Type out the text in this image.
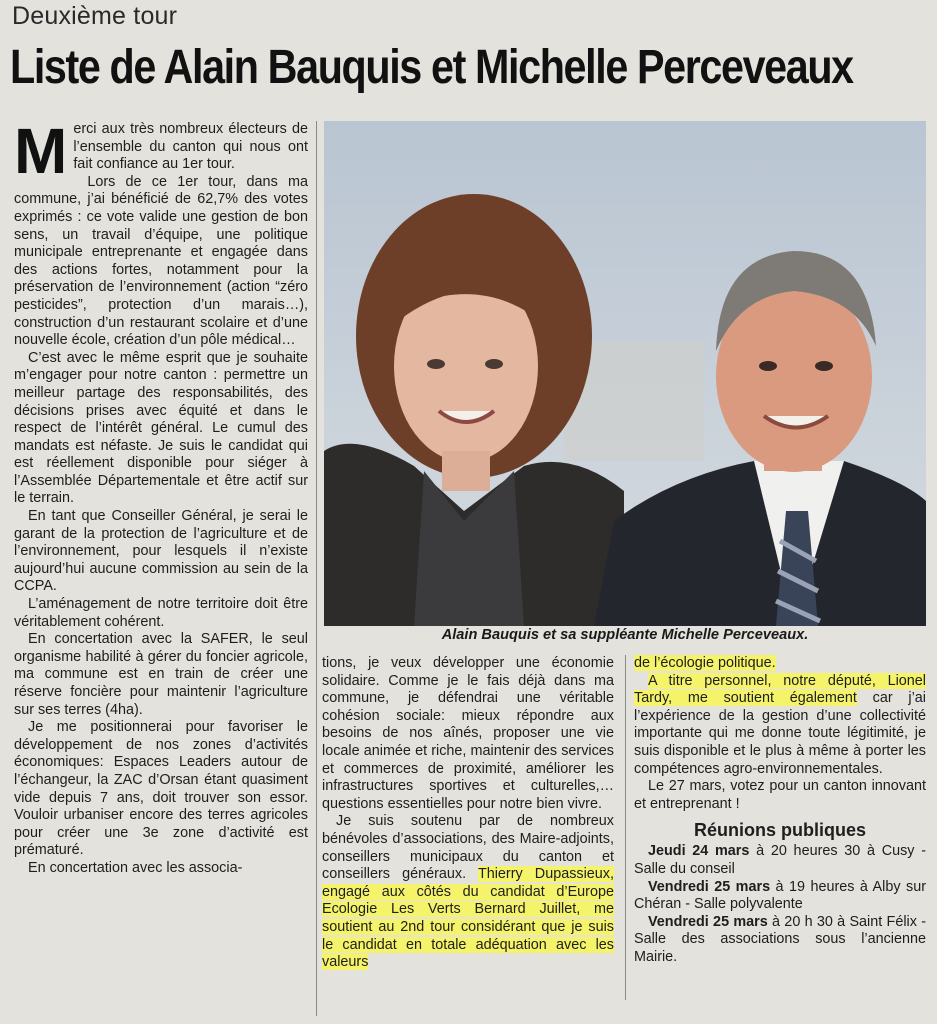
Deuxième tour
Liste de Alain Bauquis et Michelle Perceveaux

Merci aux très nombreux électeurs de l’ensemble du canton qui nous ont fait confiance au 1er tour.

Lors de ce 1er tour, dans ma commune, j’ai bénéficié de 62,7% des votes exprimés : ce vote valide une gestion de bon sens, un travail d’équipe, une politique municipale entreprenante et engagée dans des actions fortes, notamment pour la préservation de l’environnement (action “zéro pesticides”, protection d’un marais…), construction d’un restaurant scolaire et d’une nouvelle école, création d’un pôle médical…

C’est avec le même esprit que je souhaite m’engager pour notre canton : permettre un meilleur partage des responsabilités, des décisions prises avec équité et dans le respect de l’intérêt général. Le cumul des mandats est néfaste. Je suis le candidat qui est réellement disponible pour siéger à l’Assemblée Départementale et être actif sur le terrain.

En tant que Conseiller Général, je serai le garant de la protection de l’agriculture et de l’environnement, pour lesquels il n’existe aujourd’hui aucune commission au sein de la CCPA.

L’aménagement de notre territoire doit être véritablement cohérent.

En concertation avec la SAFER, le seul organisme habilité à gérer du foncier agricole, ma commune est en train de créer une réserve foncière pour maintenir l’agriculture sur ses terres (4ha).

Je me positionnerai pour favoriser le développement de nos zones d’activités économiques: Espaces Leaders autour de l’échangeur, la ZAC d’Orsan étant quasiment vide depuis 7 ans, doit trouver son essor. Vouloir urbaniser encore des terres agricoles pour créer une 3e zone d’activité est prématuré.

En concertation avec les associa-

Alain Bauquis et sa suppléante Michelle Perceveaux.

tions, je veux développer une économie solidaire. Comme je le fais déjà dans ma commune, je défendrai une véritable cohésion sociale: mieux répondre aux besoins de nos aînés, proposer une vie locale animée et riche, maintenir des services et commerces de proximité, améliorer les infrastructures sportives et culturelles,…questions essentielles pour notre bien vivre.

Je suis soutenu par de nombreux bénévoles d’associations, des Maire-adjoints, conseillers municipaux du canton et conseillers généraux. Thierry Dupassieux, engagé aux côtés du candidat d’Europe Ecologie Les Verts Bernard Juillet, me soutient au 2nd tour considérant que je suis le candidat en totale adéquation avec les valeurs

de l’écologie politique.

A titre personnel, notre député, Lionel Tardy, me soutient également car j’ai l’expérience de la gestion d’une collectivité importante qui me donne toute légitimité, je suis disponible et le plus à même à porter les compétences agro-environnementales.

Le 27 mars, votez pour un canton innovant et entreprenant !

Réunions publiques

Jeudi 24 mars à 20 heures 30 à Cusy - Salle du conseil

Vendredi 25 mars à 19 heures à Alby sur Chéran - Salle polyvalente

Vendredi 25 mars à 20 h 30 à Saint Félix - Salle des associations sous l’ancienne Mairie.
